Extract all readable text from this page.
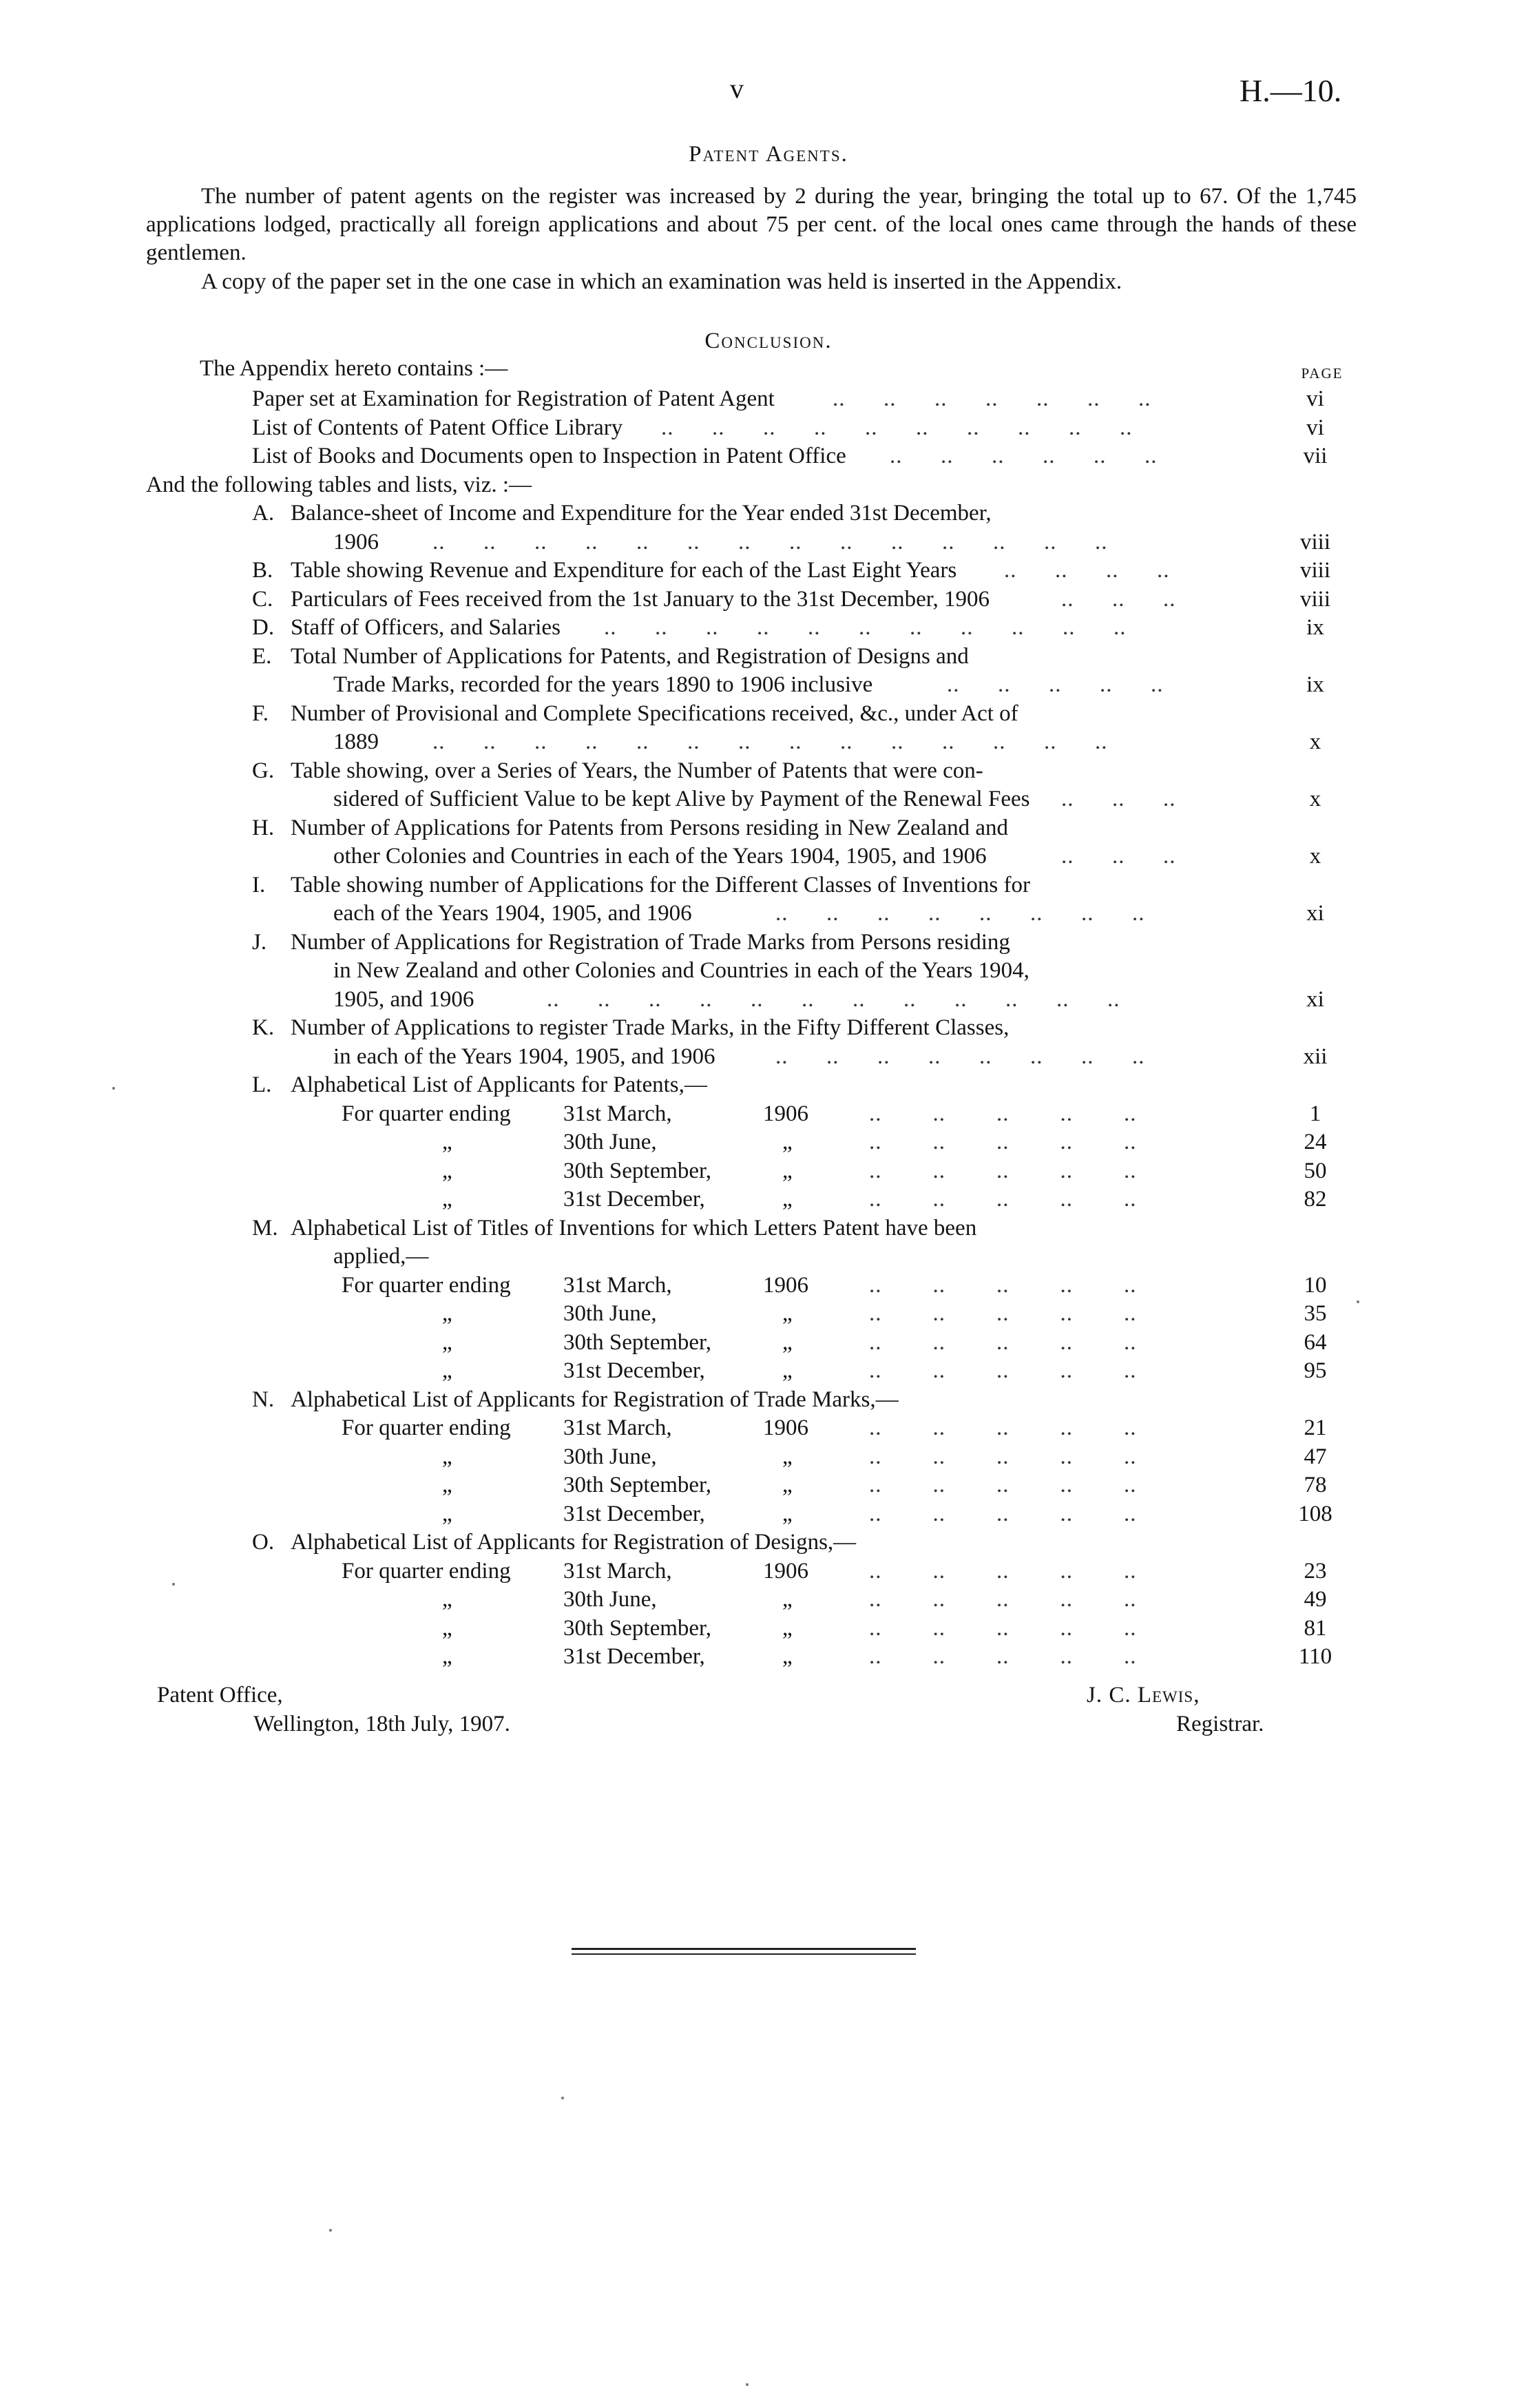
v	H.—10.
Patent Agents.

The number of patent agents on the register was increased by 2 during the year, bringing the total up to 67. Of the 1,745 applications lodged, practically all foreign applications and about 75 per cent. of the local ones came through the hands of these gentlemen.

A copy of the paper set in the one case in which an examination was held is inserted in the Appendix.

Conclusion.
The Appendix hereto contains :—	PAGE
Paper set at Examination for Registration of Patent Agent	..      ..      ..      ..      ..      ..      ..	vi
List of Contents of Patent Office Library ..      ..      ..      ..      ..      ..      ..      ..      ..      ..	vi
List of Books and Documents open to Inspection in Patent Office ..      ..      ..      ..      ..      ..	vii
And the following tables and lists, viz. :—
A. Balance-sheet of Income and Expenditure for the Year ended 31st December,
1906 ..      ..      ..      ..      ..      ..      ..      ..      ..      ..      ..      ..      ..      ..	viii
B. Table showing Revenue and Expenditure for each of the Last Eight Years ..      ..      ..      ..	viii
C. Particulars of Fees received from the 1st January to the 31st December, 1906	..      ..      ..	viii
D. Staff of Officers, and Salaries ..      ..      ..      ..      ..      ..      ..      ..      ..      ..      ..	ix
E. Total Number of Applications for Patents, and Registration of Designs and
Trade Marks, recorded for the years 1890 to 1906 inclusive	..      ..      ..      ..      ..	ix
F. Number of Provisional and Complete Specifications received, &c., under Act of
1889 ..      ..      ..      ..      ..      ..      ..      ..      ..      ..      ..      ..      ..      ..	x
G. Table showing, over a Series of Years, the Number of Patents that were con-
sidered of Sufficient Value to be kept Alive by Payment of the Renewal Fees ..      ..      ..	x
H. Number of Applications for Patents from Persons residing in New Zealand and
other Colonies and Countries in each of the Years 1904, 1905, and 1906	..      ..      ..	x
I. Table showing number of Applications for the Different Classes of Inventions for
each of the Years 1904, 1905, and 1906	..      ..      ..      ..      ..      ..      ..      ..	xi
J. Number of Applications for Registration of Trade Marks from Persons residing
in New Zealand and other Colonies and Countries in each of the Years 1904,
1905, and 1906	..      ..      ..      ..      ..      ..      ..      ..      ..      ..      ..      ..	xi
K. Number of Applications to register Trade Marks, in the Fifty Different Classes,
in each of the Years 1904, 1905, and 1906	..      ..      ..      ..      ..      ..      ..      ..	xii
L. Alphabetical List of Applicants for Patents,—
For quarter ending 31st March,	1906	..        ..        ..        ..        ..	1
„	30th June,	„	..        ..        ..        ..        ..	24
„	30th September,	„	..        ..        ..        ..        ..	50
„	31st December,	„	..        ..        ..        ..        ..	82
M. Alphabetical List of Titles of Inventions for which Letters Patent have been
applied,—
For quarter ending 31st March,	1906	..        ..        ..        ..        ..	10
„	30th June,	„	..        ..        ..        ..        ..	35
„	30th September,	„	..        ..        ..        ..        ..	64
„	31st December,	„	..        ..        ..        ..        ..	95
N. Alphabetical List of Applicants for Registration of Trade Marks,—
For quarter ending 31st March,	1906	..        ..        ..        ..        ..	21
„	30th June,	„	..        ..        ..        ..        ..	47
„	30th September,	„	..        ..        ..        ..        ..	78
„	31st December,	„	..        ..        ..        ..        ..	108
O. Alphabetical List of Applicants for Registration of Designs,—
For quarter ending 31st March,	1906	..        ..        ..        ..        ..	23
„	30th June,	„	..        ..        ..        ..        ..	49
„	30th September,	„	..        ..        ..        ..        ..	81
„	31st December,	„	..        ..        ..        ..        ..	110
Patent Office,
Wellington, 18th July, 1907.
J. C. Lewis,
Registrar.
